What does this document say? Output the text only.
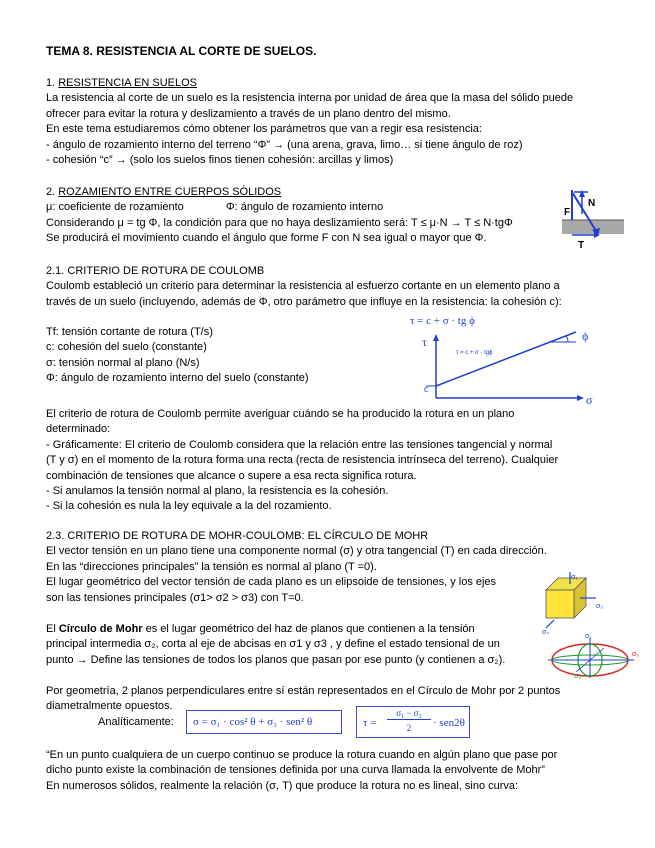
TEMA 8. RESISTENCIA AL CORTE DE SUELOS.
1. RESISTENCIA EN SUELOS
La resistencia al corte de un suelo es la resistencia interna por unidad de área que la masa del sólido puede
ofrecer para evitar la rotura y deslizamiento a través de un plano dentro del mismo.
En este tema estudiaremos cómo obtener los parámetros que van a regir esa resistencia:
- ángulo de rozamiento interno del terreno “Φ” → (una arena, grava, limo… si tiene ángulo de roz)
- cohesión “c” → (solo los suelos finos tienen cohesión: arcillas y limos)
2. ROZAMIENTO ENTRE CUERPOS SÓLIDOS
μ: coeficiente de rozamiento	Φ: ángulo de rozamiento interno
Considerando μ = tg Φ, la condición para que no haya deslizamiento será: T ≤ μ·N → T ≤ N·tgΦ
Se producirá el movimiento cuando el ángulo que forme F con N sea igual o mayor que Φ.
F
N
T
2.1. CRITERIO DE ROTURA DE COULOMB
Coulomb estableció un criterio para determinar la resistencia al esfuerzo cortante en un elemento plano a
través de un suelo (incluyendo, además de Φ, otro parámetro que influye en la resistencia: la cohesión c):
Tf: tensión cortante de rotura (T/s)
c: cohesión del suelo (constante)
σ: tensión normal al plano (N/s)
Φ: ángulo de rozamiento interno del suelo (constante)
τ = c + σ · tg ϕ
τ = c + σ · tgϕ
τ
σ
c
ϕ
El criterio de rotura de Coulomb permite averiguar cuándo se ha producido la rotura en un plano
determinado:
- Gráficamente: El criterio de Coulomb considera que la relación entre las tensiones tangencial y normal
(T y σ) en el momento de la rotura forma una recta (recta de resistencia intrínseca del terreno). Cualquier
combinación de tensiones que alcance o supere a esa recta significa rotura.
- Si anulamos la tensión normal al plano, la resistencia es la cohesión.
- Si la cohesión es nula la ley equivale a la del rozamiento.
2.3. CRITERIO DE ROTURA DE MOHR-COULOMB: EL CÍRCULO DE MOHR
El vector tensión en un plano tiene una componente normal (σ) y otra tangencial (T) en cada dirección.
En las “direcciones principales” la tensión es normal al plano (T =0).
El lugar geométrico del vector tensión de cada plano es un elipsoide de tensiones, y los ejes
son las tensiones principales (σ1> σ2 > σ3) con T=0.
σ₁
σ₂
σ₃
El Círculo de Mohr es el lugar geométrico del haz de planos que contienen a la tensión
principal intermedia σ₂, corta al eje de abcisas en σ1 y σ3 , y define el estado tensional de un
punto → Define las tensiones de todos los planos que pasan por ese punto (y contienen a σ₂).
σ₁
σ₂
σ₃
Por geometría, 2 planos perpendiculares entre sí están representados en el Círculo de Mohr por 2 puntos
diametralmente opuestos.
Analíticamente: σ = σ₁ · cos² θ + σ₃ · sen² θ	τ =
σ₁ − σ₃
2	· sen2θ
“En un punto cualquiera de un cuerpo continuo se produce la rotura cuando en algún plano que pase por
dicho punto existe la combinación de tensiones definida por una curva llamada la envolvente de Mohr”
En numerosos sólidos, realmente la relación (σ, T) que produce la rotura no es lineal, sino curva:
